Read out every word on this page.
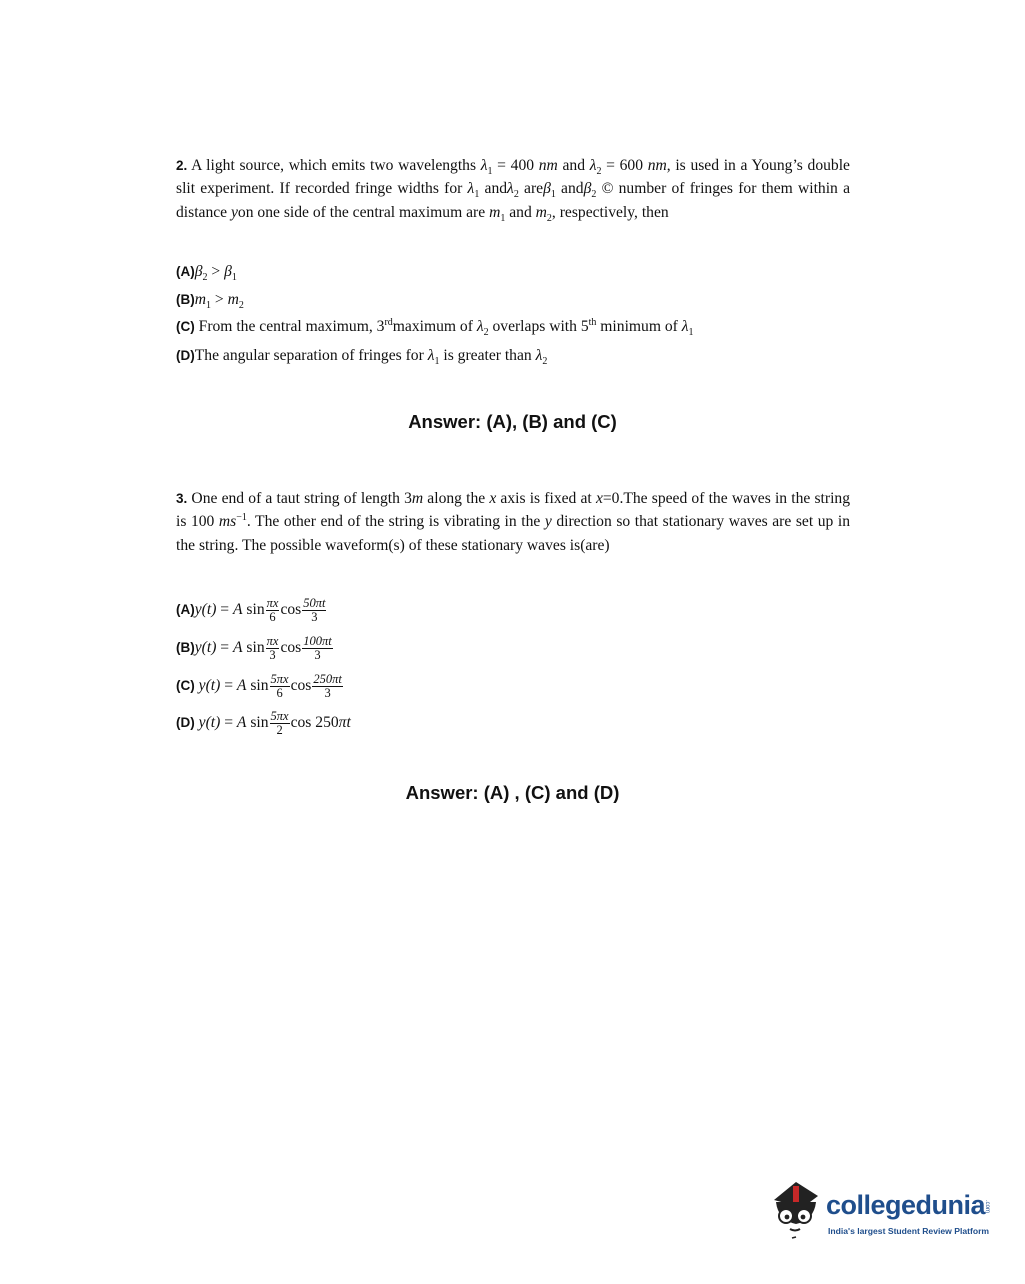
2. A light source, which emits two wavelengths $\lambda_1 = 400$ nm and $\lambda_2 = 600$ nm, is used in a Young’s double slit experiment. If recorded fringe widths for $\lambda_1$ andλ$_2$ areβ$_1$ andβ$_2$ © number of fringes for them within a distance yon one side of the central maximum are $m_1$ and $m_2$, respectively, then
$(A)\beta_2 > \beta_1$
$(B)m_1 > m_2$
(C) From the central maximum, 3rdmaximum of $\lambda_2$ overlaps with 5th minimum of $\lambda_1$
(D)The angular separation of fringes for $\lambda_1$ is greater than $\lambda_2$
Answer: (A), (B) and (C)
3. One end of a taut string of length 3m along the x axis is fixed at x=0.The speed of the waves in the string is 100 $ms^{-1}$. The other end of the string is vibrating in the y direction so that stationary waves are set up in the string. The possible waveform(s) of these stationary waves is(are)
(A)y(t) = A $\sin \frac{\pi x}{6}$ $\cos \frac{50\pi t}{3}$
(B)y(t) = A $\sin \frac{\pi x}{3}$ $\cos \frac{100\pi t}{3}$
(C) y(t) = A $\sin \frac{5\pi x}{6}$ $\cos \frac{250\pi t}{3}$
(D) y(t) = A $\sin \frac{5\pi x}{2}$ cos 250πt
Answer: (A) , (C) and (D)
collegedunia
.com
India's largest Student Review Platform
